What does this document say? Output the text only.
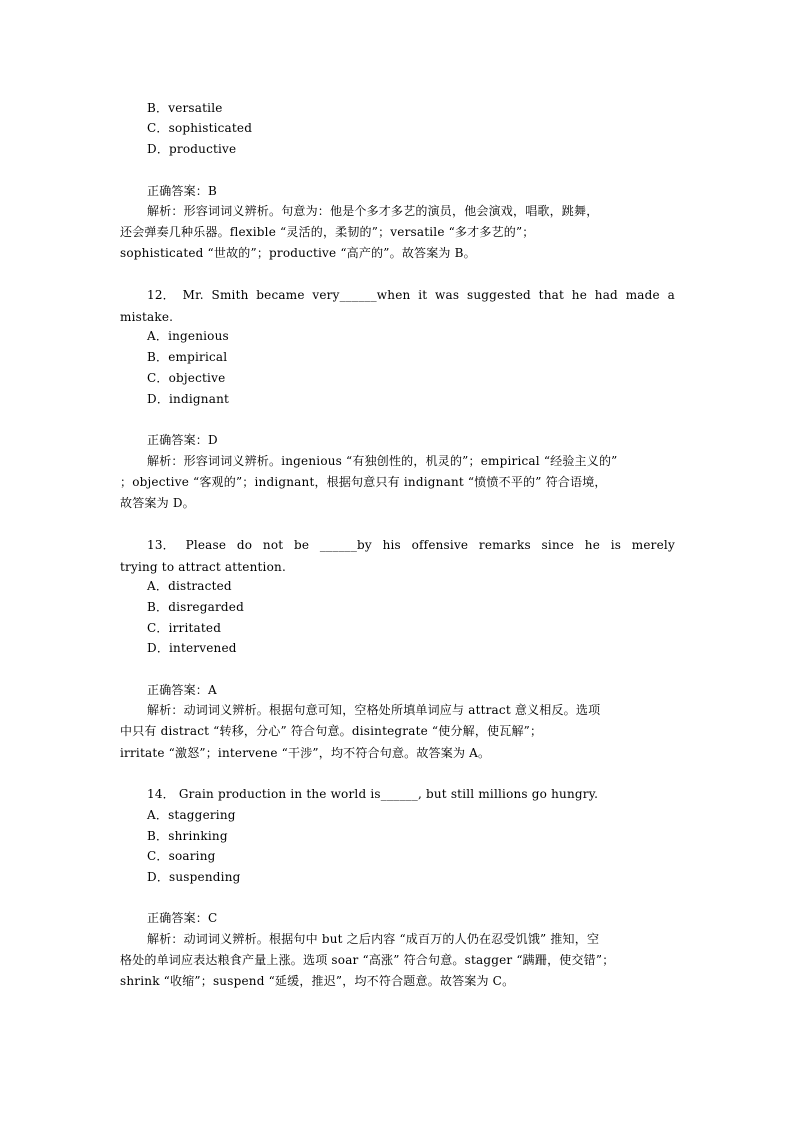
B．versatile
C．sophisticated
D．productive
正确答案：B
解析：形容词词义辨析。句意为：他是个多才多艺的演员，他会演戏，唱歌，跳舞，
还会弹奏几种乐器。flexible “灵活的，柔韧的”；versatile “多才多艺的”；
sophisticated “世故的”；productive “高产的”。故答案为 B。
12． Mr. Smith became very______when it was suggested that he had made a
mistake.
A．ingenious
B．empirical
C．objective
D．indignant
正确答案：D
解析：形容词词义辨析。ingenious “有独创性的，机灵的”；empirical “经验主义的”
；objective “客观的”；indignant，根据句意只有 indignant “愤愤不平的” 符合语境，
故答案为 D。
13． Please do not be ______by his offensive remarks since he is merely
trying to attract attention.
A．distracted
B．disregarded
C．irritated
D．intervened
正确答案：A
解析：动词词义辨析。根据句意可知，空格处所填单词应与 attract 意义相反。选项
中只有 distract “转移，分心” 符合句意。disintegrate “使分解，使瓦解”；
irritate “激怒”；intervene “干涉”，均不符合句意。故答案为 A。
14． Grain production in the world is______, but still millions go hungry.
A．staggering
B．shrinking
C．soaring
D．suspending
正确答案：C
解析：动词词义辨析。根据句中 but 之后内容 “成百万的人仍在忍受饥饿” 推知，空
格处的单词应表达粮食产量上涨。选项 soar “高涨” 符合句意。stagger “蹒跚，使交错”；
shrink “收缩”；suspend “延缓，推迟”，均不符合题意。故答案为 C。
